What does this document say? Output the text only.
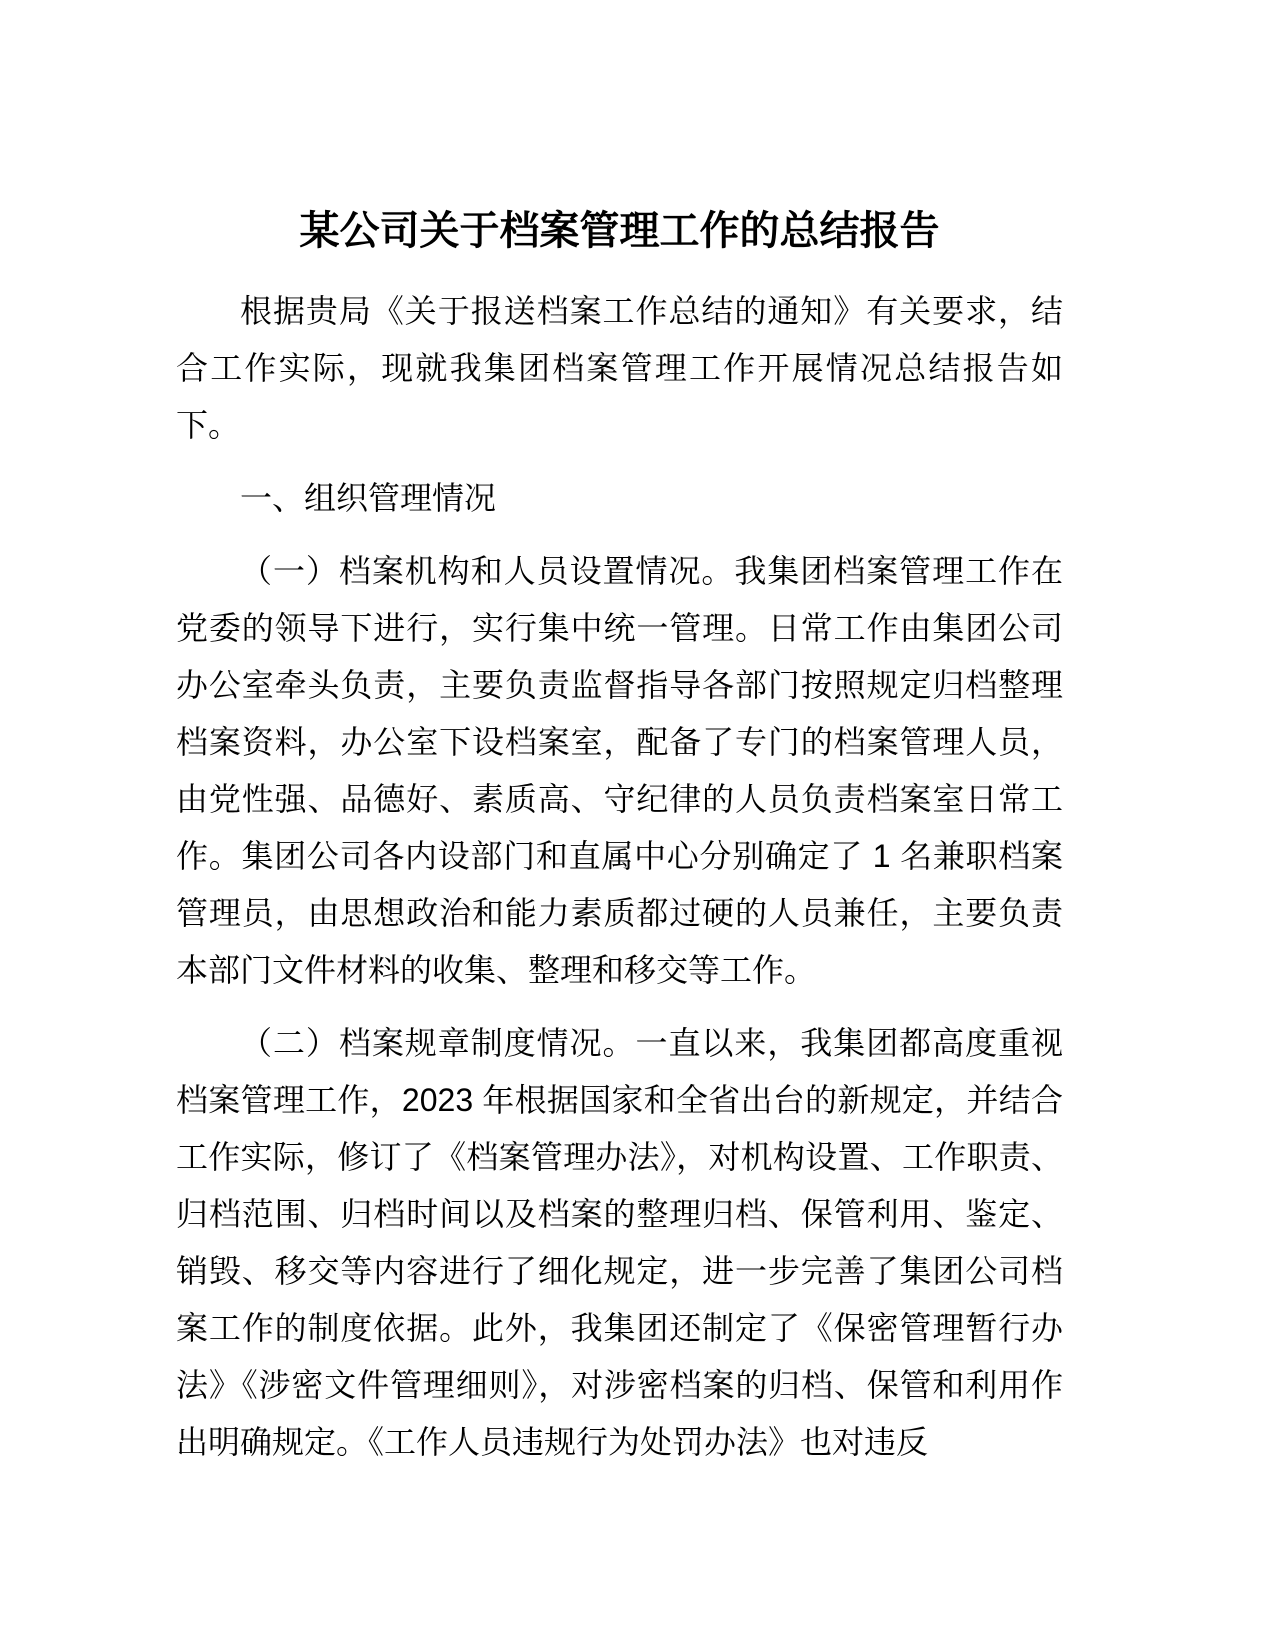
某公司关于档案管理工作的总结报告

根据贵局《关于报送档案工作总结的通知》有关要求，结合工作实际，现就我集团档案管理工作开展情况总结报告如下。

一、组织管理情况

（一）档案机构和人员设置情况。我集团档案管理工作在党委的领导下进行，实行集中统一管理。日常工作由集团公司办公室牵头负责，主要负责监督指导各部门按照规定归档整理档案资料，办公室下设档案室，配备了专门的档案管理人员，由党性强、品德好、素质高、守纪律的人员负责档案室日常工作。集团公司各内设部门和直属中心分别确定了 1 名兼职档案管理员，由思想政治和能力素质都过硬的人员兼任，主要负责本部门文件材料的收集、整理和移交等工作。

（二）档案规章制度情况。一直以来，我集团都高度重视档案管理工作，2023 年根据国家和全省出台的新规定，并结合工作实际，修订了《档案管理办法》，对机构设置、工作职责、归档范围、归档时间以及档案的整理归档、保管利用、鉴定、销毁、移交等内容进行了细化规定，进一步完善了集团公司档案工作的制度依据。此外，我集团还制定了《保密管理暂行办法》《涉密文件管理细则》，对涉密档案的归档、保管和利用作出明确规定。《工作人员违规行为处罚办法》也对违反
